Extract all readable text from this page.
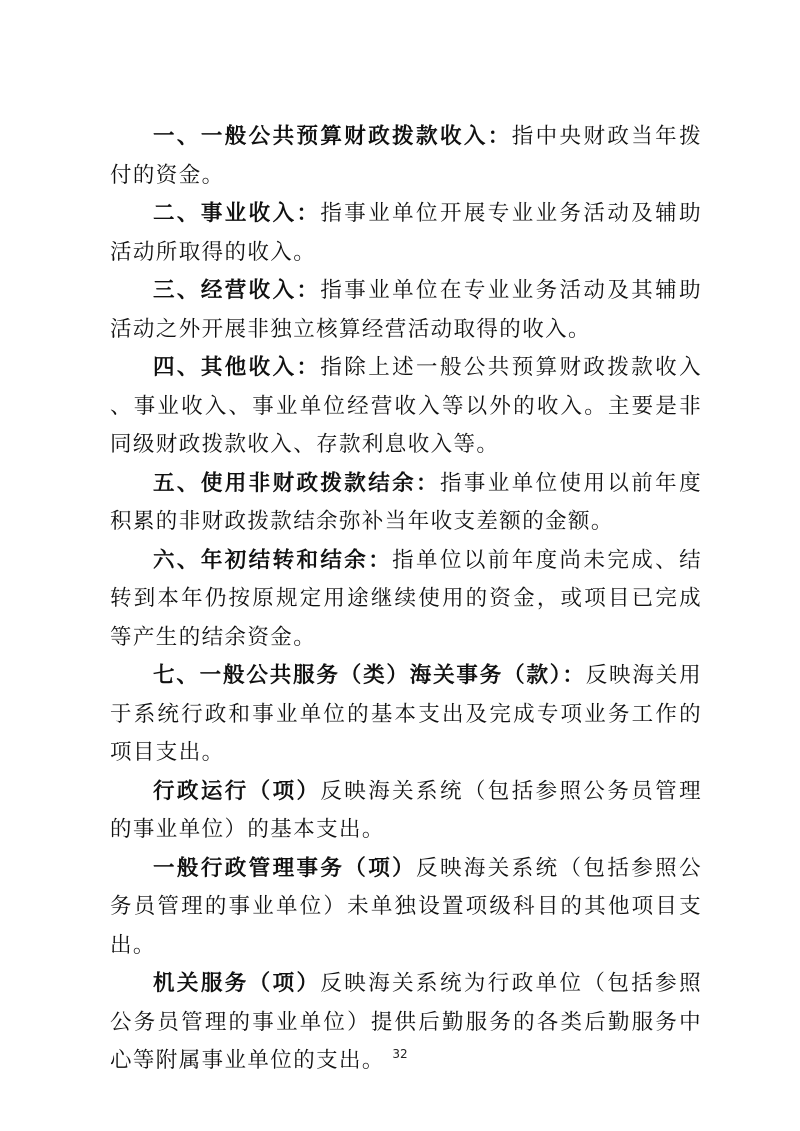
一、一般公共预算财政拨款收入：指中央财政当年拨付的资金。

二、事业收入：指事业单位开展专业业务活动及辅助活动所取得的收入。

三、经营收入：指事业单位在专业业务活动及其辅助活动之外开展非独立核算经营活动取得的收入。

四、其他收入：指除上述一般公共预算财政拨款收入、事业收入、事业单位经营收入等以外的收入。主要是非同级财政拨款收入、存款利息收入等。

五、使用非财政拨款结余：指事业单位使用以前年度积累的非财政拨款结余弥补当年收支差额的金额。

六、年初结转和结余：指单位以前年度尚未完成、结转到本年仍按原规定用途继续使用的资金，或项目已完成等产生的结余资金。

七、一般公共服务（类）海关事务（款）：反映海关用于系统行政和事业单位的基本支出及完成专项业务工作的项目支出。

行政运行（项）反映海关系统（包括参照公务员管理的事业单位）的基本支出。

一般行政管理事务（项）反映海关系统（包括参照公务员管理的事业单位）未单独设置项级科目的其他项目支出。

机关服务（项）反映海关系统为行政单位（包括参照公务员管理的事业单位）提供后勤服务的各类后勤服务中心等附属事业单位的支出。 32
